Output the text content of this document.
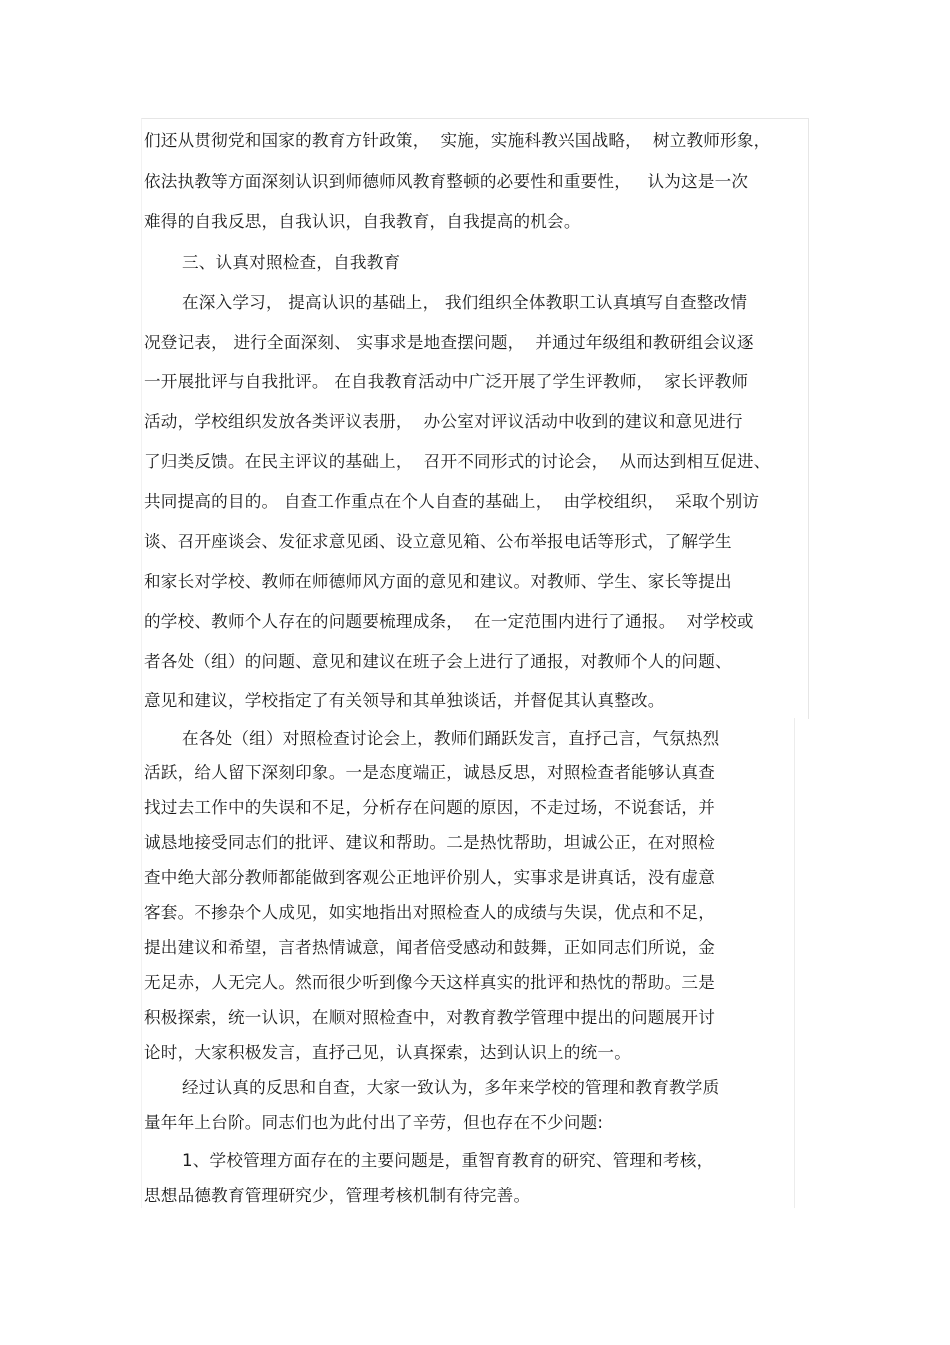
们还从贯彻党和国家的教育方针政策，  实施，实施科教兴国战略，  树立教师形象，
依法执教等方面深刻认识到师德师风教育整顿的必要性和重要性，   认为这是一次
难得的自我反思，自我认识，自我教育，自我提高的机会。
三、认真对照检查，自我教育
在深入学习， 提高认识的基础上， 我们组织全体教职工认真填写自查整改情
况登记表， 进行全面深刻、 实事求是地查摆问题，  并通过年级组和教研组会议逐
一开展批评与自我批评。 在自我教育活动中广泛开展了学生评教师，  家长评教师
活动，学校组织发放各类评议表册，  办公室对评议活动中收到的建议和意见进行
了归类反馈。在民主评议的基础上，  召开不同形式的讨论会，  从而达到相互促进、
共同提高的目的。 自查工作重点在个人自查的基础上，  由学校组织，  采取个别访
谈、召开座谈会、发征求意见函、设立意见箱、公布举报电话等形式，了解学生
和家长对学校、教师在师德师风方面的意见和建议。对教师、学生、家长等提出
的学校、教师个人存在的问题要梳理成条，  在一定范围内进行了通报。  对学校或
者各处（组）的问题、意见和建议在班子会上进行了通报，对教师个人的问题、
意见和建议，学校指定了有关领导和其单独谈话，并督促其认真整改。
在各处（组）对照检查讨论会上，教师们踊跃发言，直抒己言，气氛热烈
活跃，给人留下深刻印象。一是态度端正，诚恳反思，对照检查者能够认真查
找过去工作中的失误和不足，分析存在问题的原因，不走过场，不说套话，并
诚恳地接受同志们的批评、建议和帮助。二是热忱帮助，坦诚公正，在对照检
查中绝大部分教师都能做到客观公正地评价别人，实事求是讲真话，没有虚意
客套。不掺杂个人成见，如实地指出对照检查人的成绩与失误，优点和不足，
提出建议和希望，言者热情诚意，闻者倍受感动和鼓舞，正如同志们所说，金
无足赤，人无完人。然而很少听到像今天这样真实的批评和热忱的帮助。三是
积极探索，统一认识，在顺对照检查中，对教育教学管理中提出的问题展开讨
论时，大家积极发言，直抒己见，认真探索，达到认识上的统一。
经过认真的反思和自查，大家一致认为，多年来学校的管理和教育教学质
量年年上台阶。同志们也为此付出了辛劳，但也存在不少问题:
1、学校管理方面存在的主要问题是，重智育教育的研究、管理和考核，
思想品德教育管理研究少，管理考核机制有待完善。
